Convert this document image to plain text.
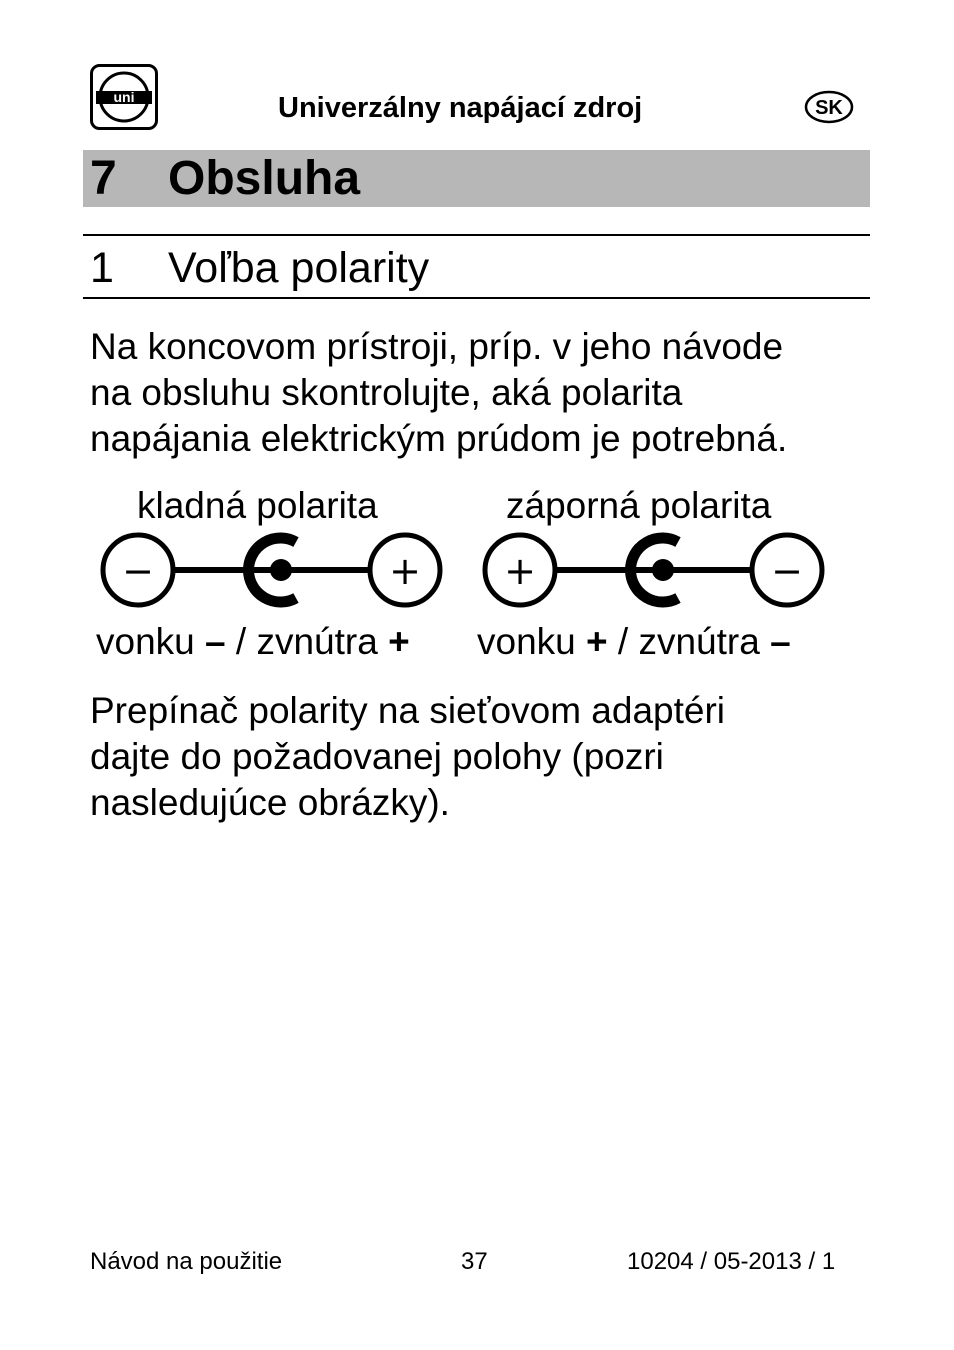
uni	Univerzálny napájací zdroj	SK
7 Obsluha
1 Voľba polarity

Na koncovom prístroji, príp. v jeho návode

na obsluhu skontrolujte, aká polarita

napájania elektrickým prúdom je potrebná.

kladná polarita	záporná polarita
−	+ +	−
vonku – / zvnútra + vonku + / zvnútra –

Prepínač polarity na sieťovom adaptéri

dajte do požadovanej polohy (pozri

nasledujúce obrázky).

Návod na použitie	37	10204 / 05-2013 / 1
